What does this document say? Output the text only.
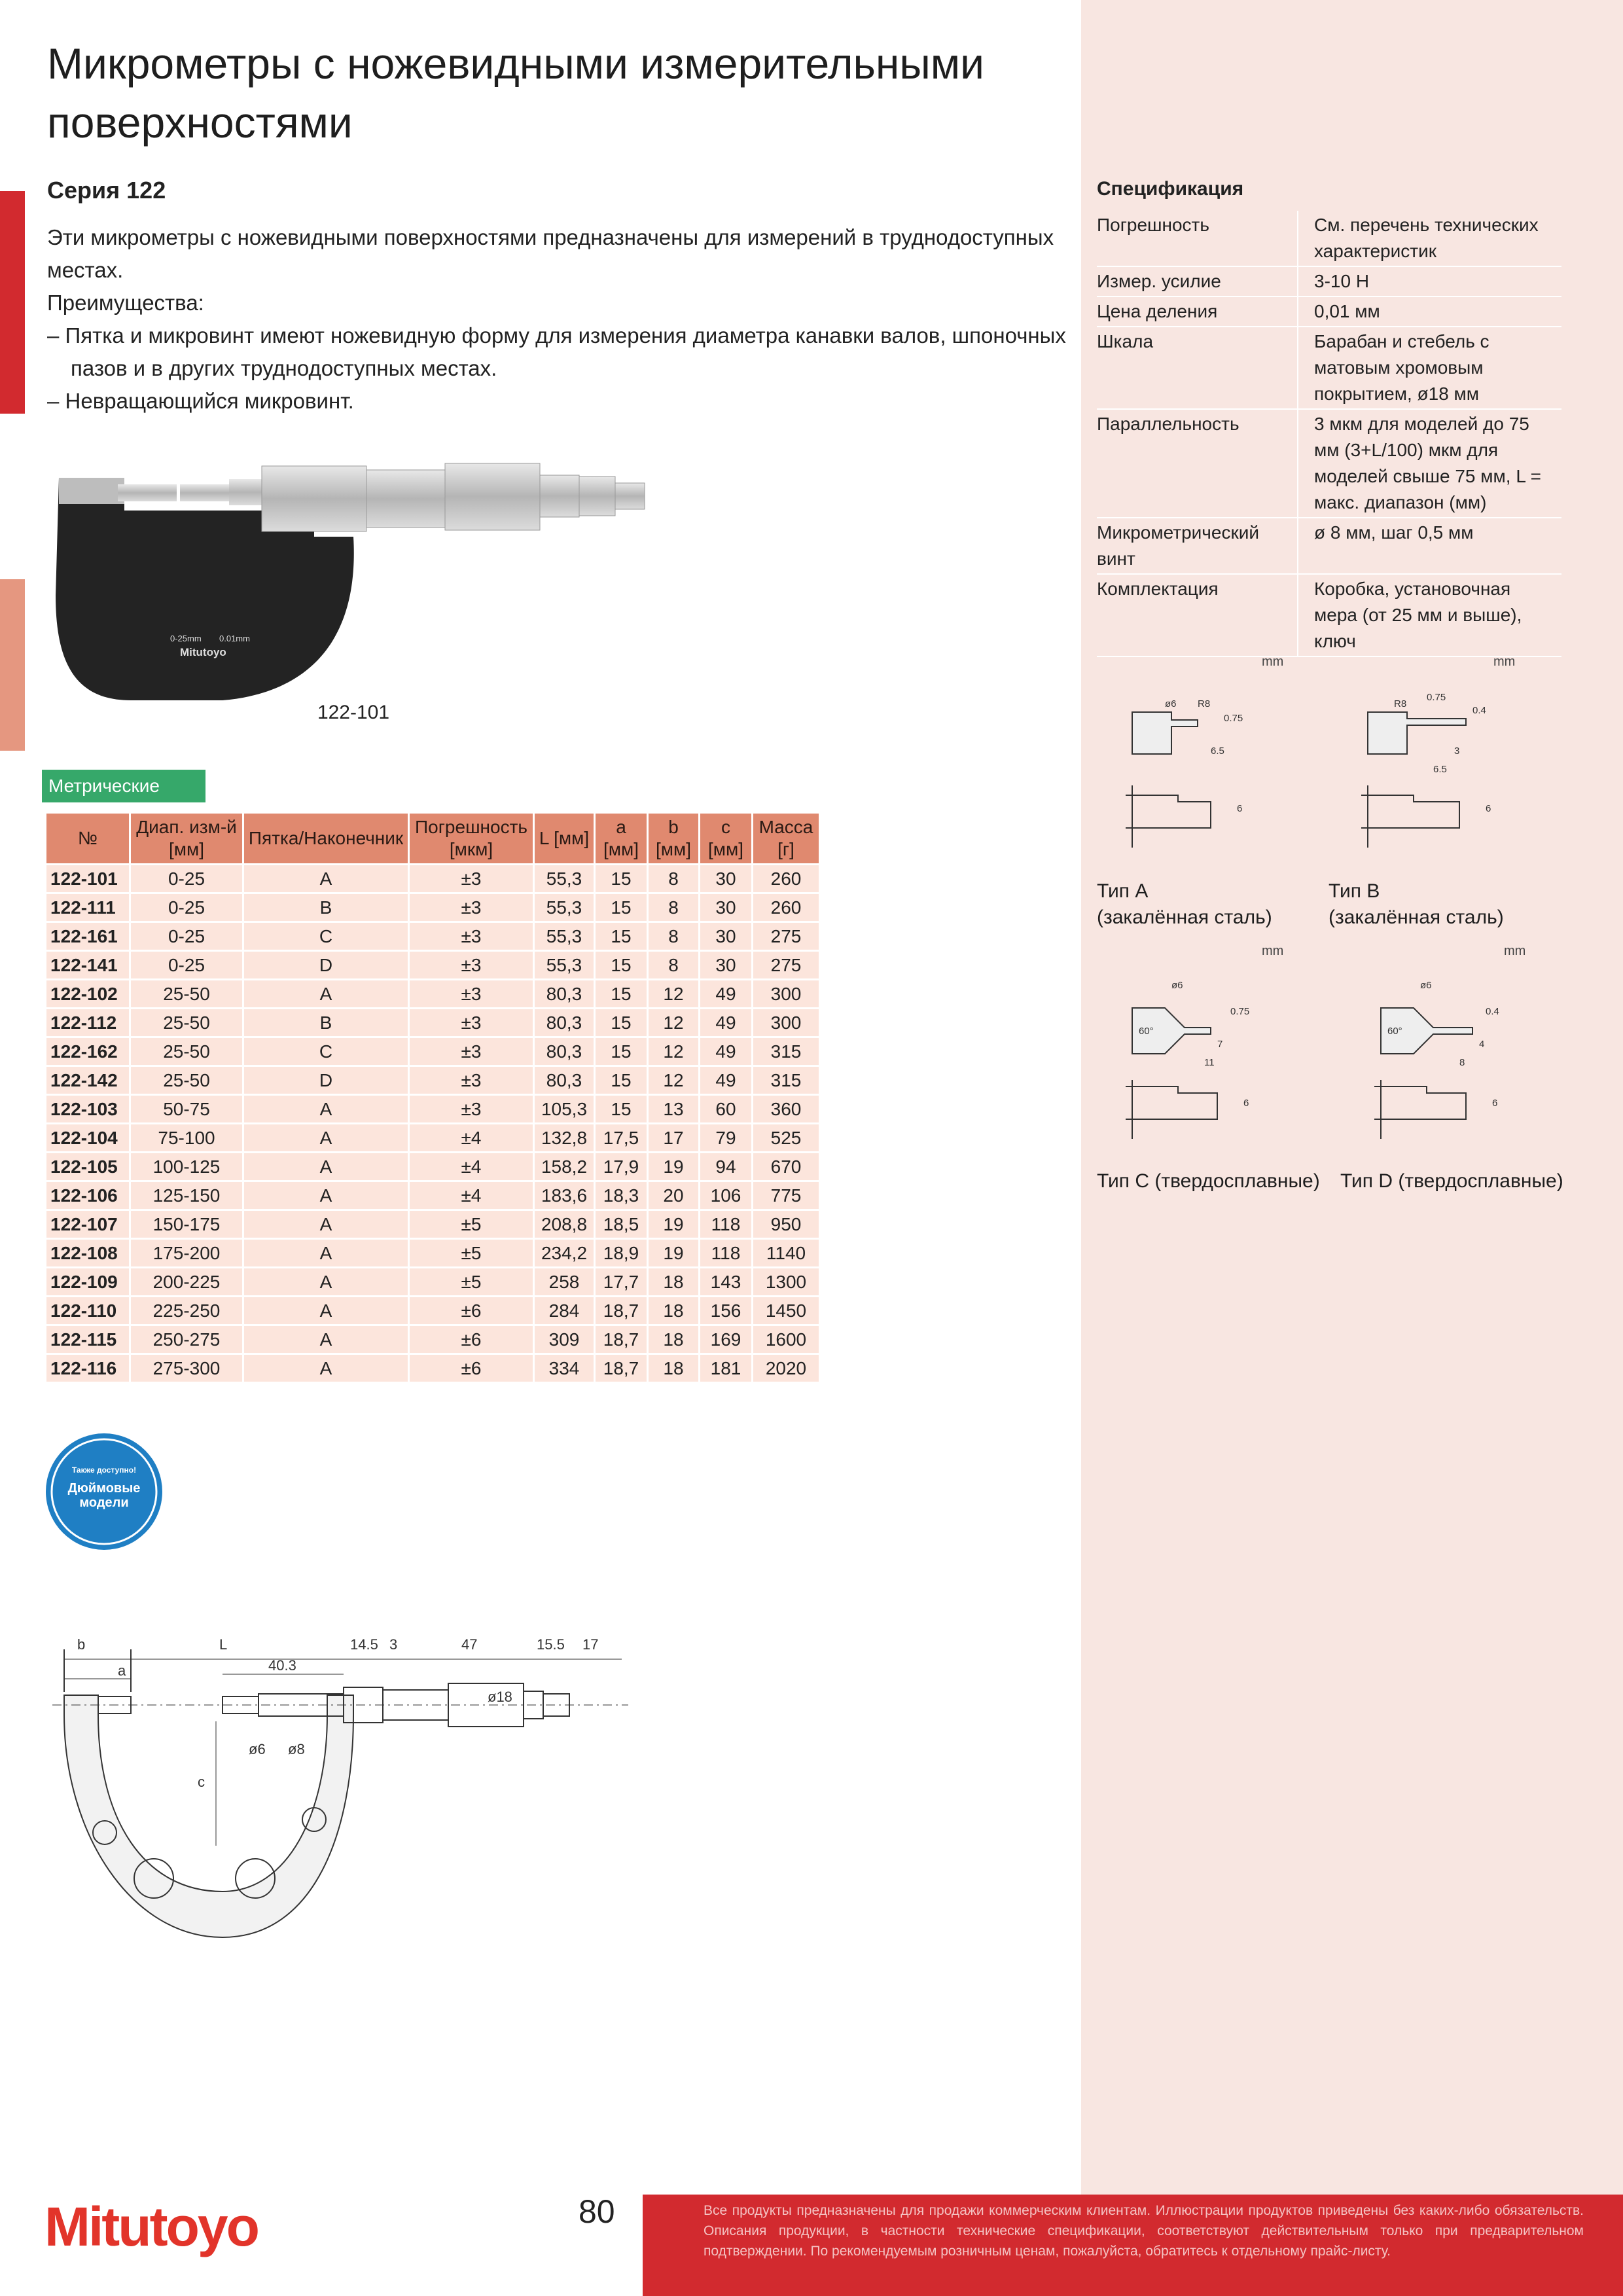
Микрометры с ножевидными измерительными поверхностями
Серия 122

Эти микрометры с ножевидными поверхностями предназначены для измерений в труднодоступных местах.

Преимущества:

– Пятка и микровинт имеют ножевидную форму для измерения диаметра канавки валов, шпоночных пазов и в других труднодоступных местах.

– Невращающийся микровинт.

0-25mm 0.01mm
Mitutoyo
122-101
Метрические
№	Диап. изм-й [мм]	Пятка/Наконечник	Погрешность [мкм]	L [мм]	a [мм]	b [мм]	c [мм]	Масса [г]
122-101	0-25	A	±3	55,3	15	8	30	260
122-111	0-25	B	±3	55,3	15	8	30	260
122-161	0-25	C	±3	55,3	15	8	30	275
122-141	0-25	D	±3	55,3	15	8	30	275
122-102	25-50	A	±3	80,3	15	12	49	300
122-112	25-50	B	±3	80,3	15	12	49	300
122-162	25-50	C	±3	80,3	15	12	49	315
122-142	25-50	D	±3	80,3	15	12	49	315
122-103	50-75	A	±3	105,3	15	13	60	360
122-104	75-100	A	±4	132,8	17,5	17	79	525
122-105	100-125	A	±4	158,2	17,9	19	94	670
122-106	125-150	A	±4	183,6	18,3	20	106	775
122-107	150-175	A	±5	208,8	18,5	19	118	950
122-108	175-200	A	±5	234,2	18,9	19	118	1140
122-109	200-225	A	±5	258	17,7	18	143	1300
122-110	225-250	A	±6	284	18,7	18	156	1450
122-115	250-275	A	±6	309	18,7	18	169	1600
122-116	275-300	A	±6	334	18,7	18	181	2020
Спецификация
Погрешность	См. перечень технических характеристик
Измер. усилие	3-10 Н
Цена деления	0,01 мм
Шкала	Барабан и стебель с матовым хромовым покрытием, ø18 мм
Параллельность	3 мкм для моделей до 75 мм (3+L/100) мкм для моделей свыше 75 мм, L = макс. диапазон (мм)
Микрометрический винт	ø 8 мм, шаг 0,5 мм
Комплектация	Коробка, установочная мера (от 25 мм и выше), ключ
mm	mm
mm	mm
ø6 R8
0.75
6.5
6
R8
0.75
0.4
3
6.5
6
Тип A
(закалённая сталь)
Тип B
(закалённая сталь)
ø6
60°
0.75
7
11
6
ø6
60°
0.4
4
8
6
Тип C (твердосплавные) Тип D (твердосплавные)
Также доступно!
Дюймовые
модели
b
a
L
40.3
14.5 3	47	15.5 17
ø18
ø6 ø8
c
Mitutoyo	80	Все продукты предназначены для продажи коммерческим клиентам. Иллюстрации продуктов приведены без каких-либо обязательств. Описания продукции, в частности технические спецификации, соответствуют действительным только при предварительном подтверждении. По рекомендуемым розничным ценам, пожалуйста, обратитесь к отдельному прайс-листу.
